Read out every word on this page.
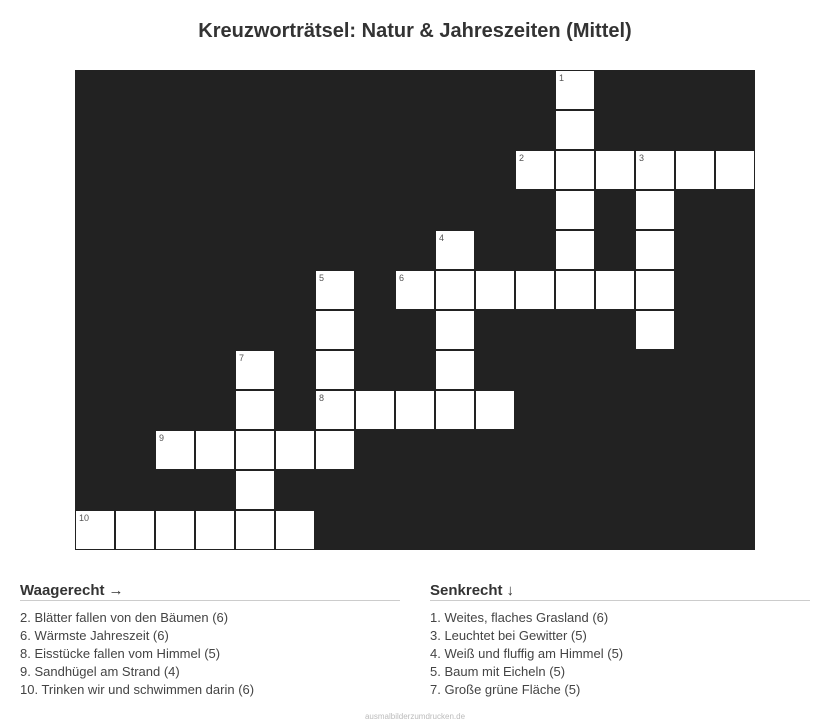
Kreuzworträtsel: Natur & Jahreszeiten (Mittel)
1
2	3
4
5	6
7
8
9
10
Waagerecht →
2. Blätter fallen von den Bäumen (6)
6. Wärmste Jahreszeit (6)
8. Eisstücke fallen vom Himmel (5)
9. Sandhügel am Strand (4)
10. Trinken wir und schwimmen darin (6)
Senkrecht ↓
1. Weites, flaches Grasland (6)
3. Leuchtet bei Gewitter (5)
4. Weiß und fluffig am Himmel (5)
5. Baum mit Eicheln (5)
7. Große grüne Fläche (5)
ausmalbilderzumdrucken.de
